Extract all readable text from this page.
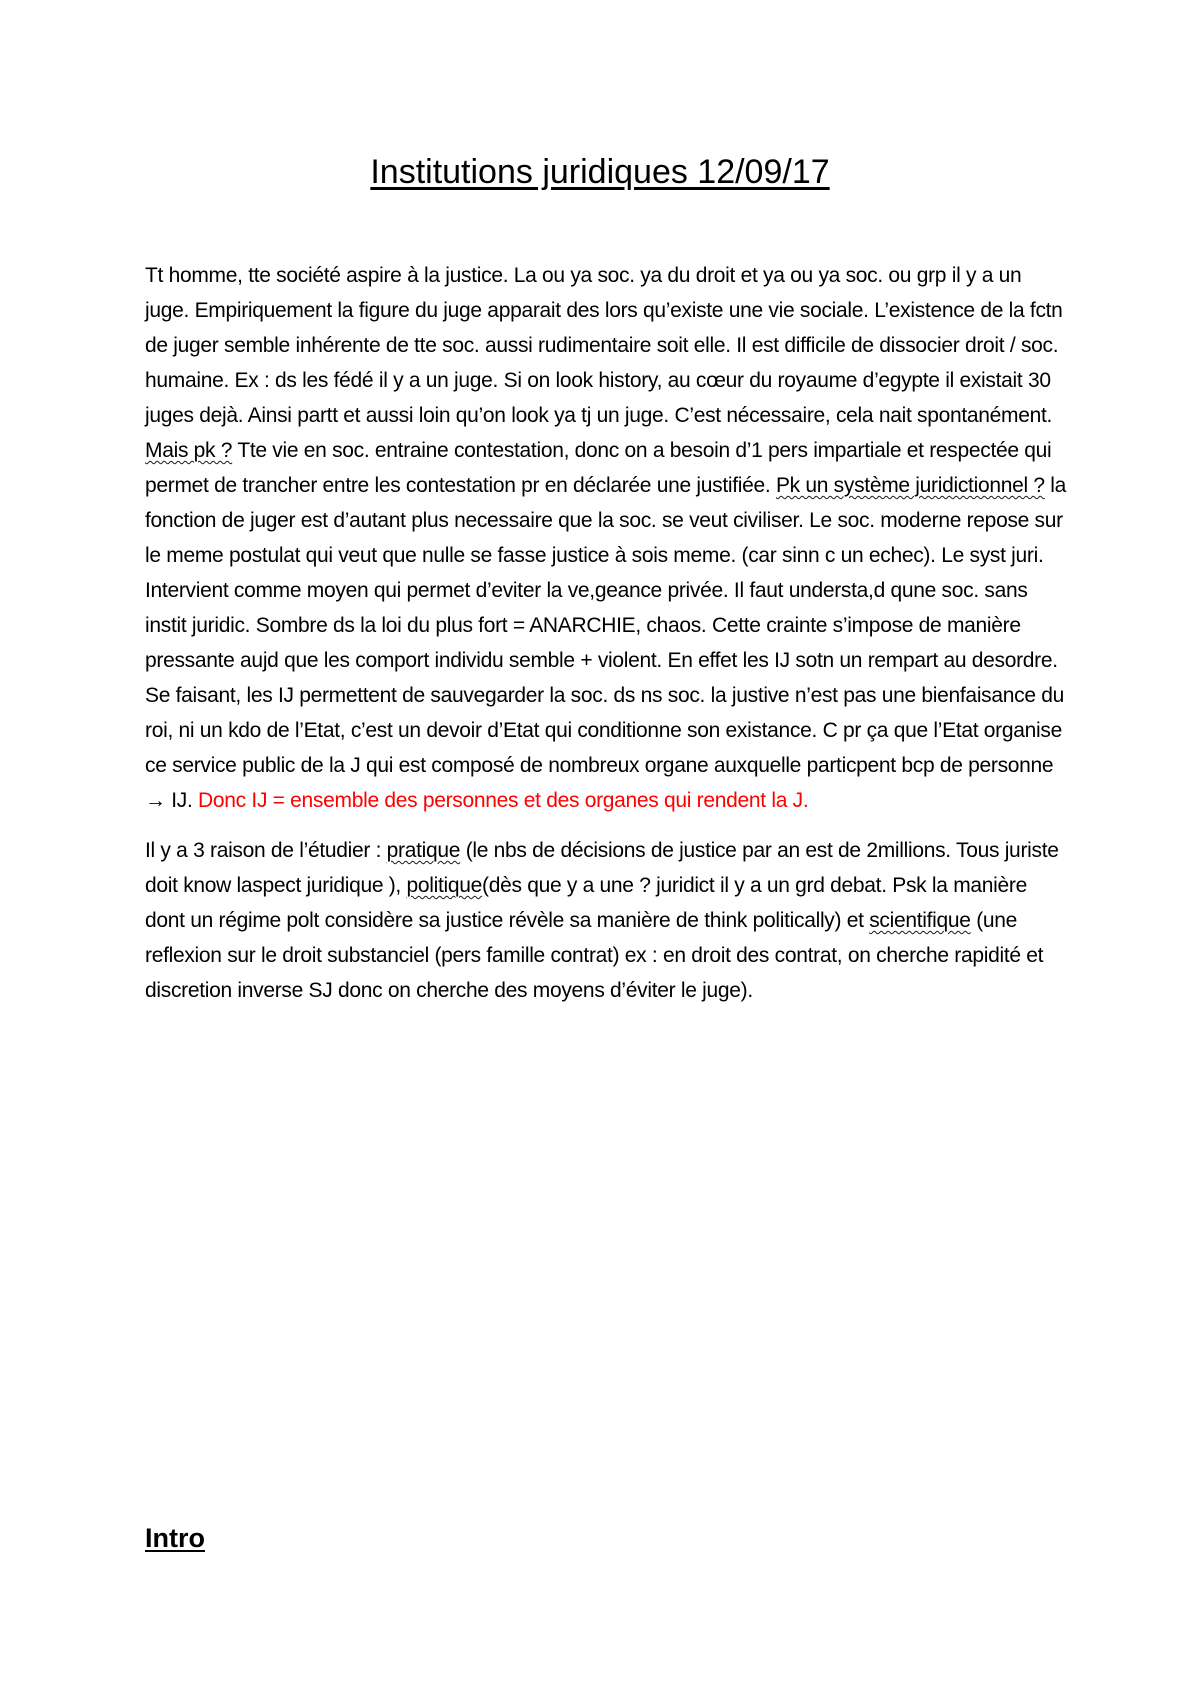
Institutions juridiques 12/09/17

Tt homme, tte société aspire à la justice. La ou ya soc. ya du droit et ya ou ya soc. ou grp il y a un juge. Empiriquement la figure du juge apparait des lors qu’existe une vie sociale. L’existence de la fctn de juger semble inhérente de tte soc. aussi rudimentaire soit elle. Il est difficile de dissocier droit / soc. humaine. Ex : ds les fédé il y a un juge. Si on look history, au cœur du royaume d’egypte il existait 30 juges dejà. Ainsi partt et aussi loin qu’on look ya tj un juge. C’est nécessaire, cela nait spontanément. Mais pk ? Tte vie en soc. entraine contestation, donc on a besoin d’1 pers impartiale et respectée qui permet de trancher entre les contestation pr en déclarée une justifiée. Pk un système juridictionnel ? la fonction de juger est d’autant plus necessaire que la soc. se veut civiliser. Le soc. moderne repose sur le meme postulat qui veut que nulle se fasse justice à sois meme. (car sinn c un echec). Le syst juri. Intervient comme moyen qui permet d’eviter la ve,geance privée. Il faut understa,d qune soc. sans instit juridic. Sombre ds la loi du plus fort = ANARCHIE, chaos. Cette crainte s’impose de manière pressante aujd que les comport individu semble + violent. En effet les IJ sotn un rempart au desordre. Se faisant, les IJ permettent de sauvegarder la soc. ds ns soc. la justive n’est pas une bienfaisance du roi, ni un kdo de l’Etat, c’est un devoir d’Etat qui conditionne son existance. C pr ça que l’Etat organise ce service public de la J qui est composé de nombreux organe auxquelle particpent bcp de personne → IJ. Donc IJ = ensemble des personnes et des organes qui rendent la J.

Il y a 3 raison de l’étudier : pratique (le nbs de décisions de justice par an est de 2millions. Tous juriste doit know laspect juridique ), politique(dès que y a une ? juridict il y a un grd debat. Psk la manière dont un régime polt considère sa justice révèle sa manière de think politically) et scientifique (une reflexion sur le droit substanciel (pers famille contrat) ex : en droit des contrat, on cherche rapidité et discretion inverse SJ donc on cherche des moyens d’éviter le juge).

Intro
